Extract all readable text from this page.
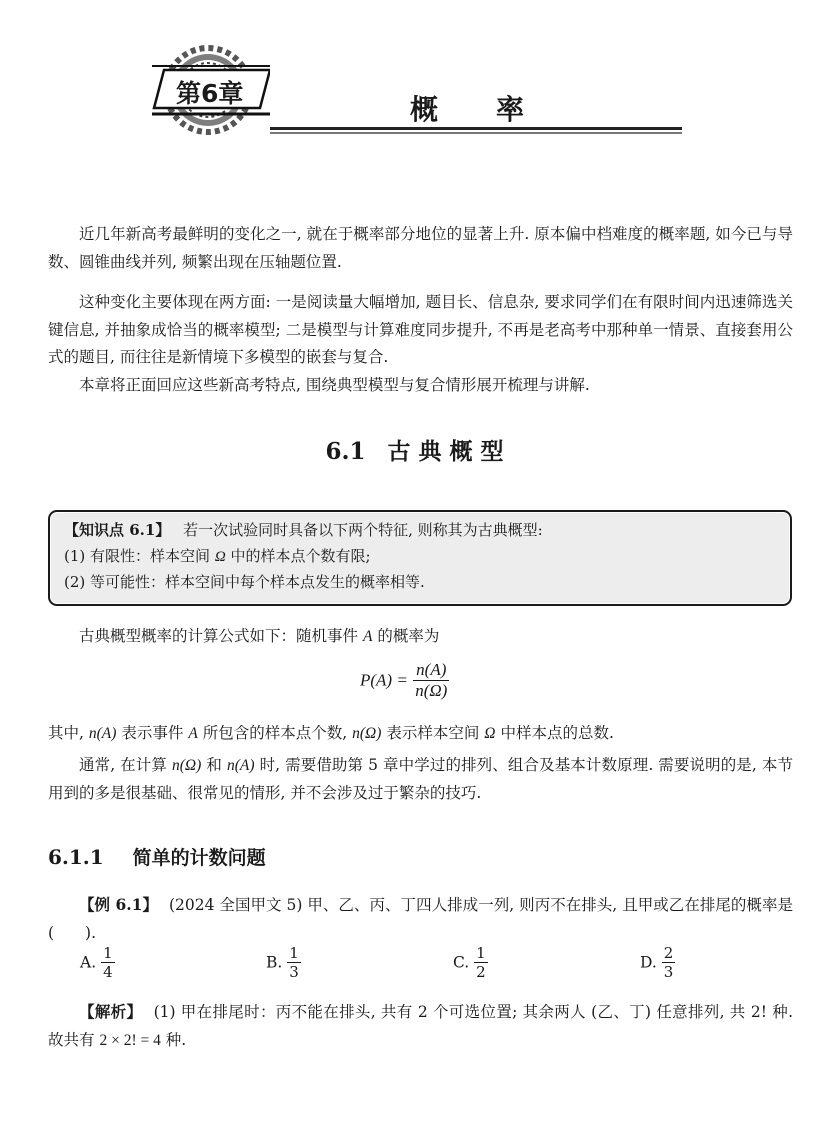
第6章	概率
近几年新高考最鲜明的变化之一, 就在于概率部分地位的显著上升. 原本偏中档难度的概率题, 如今已与导数、圆锥曲线并列, 频繁出现在压轴题位置.
这种变化主要体现在两方面: 一是阅读量大幅增加, 题目长、信息杂, 要求同学们在有限时间内迅速筛选关键信息, 并抽象成恰当的概率模型; 二是模型与计算难度同步提升, 不再是老高考中那种单一情景、直接套用公式的题目, 而往往是新情境下多模型的嵌套与复合.
本章将正面回应这些新高考特点, 围绕典型模型与复合情形展开梳理与讲解.
6.1 古典概型
【知识点 6.1】 若一次试验同时具备以下两个特征, 则称其为古典概型:
(1) 有限性：样本空间 Ω 中的样本点个数有限;
(2) 等可能性：样本空间中每个样本点发生的概率相等.
古典概型概率的计算公式如下：随机事件 A 的概率为
$P(A) = \frac{n(A)}{n(\Omega)}$
其中, n(A) 表示事件 A 所包含的样本点个数, n(Ω) 表示样本空间 Ω 中样本点的总数.
通常, 在计算 n(Ω) 和 n(A) 时, 需要借助第 5 章中学过的排列、组合及基本计数原理. 需要说明的是, 本节用到的多是很基础、很常见的情形, 并不会涉及过于繁杂的技巧.
6.1.1 简单的计数问题
【例 6.1】 (2024 全国甲文 5) 甲、乙、丙、丁四人排成一列, 则丙不在排头, 且甲或乙在排尾的概率是 (　　).
A. $\frac{1}{4}$	B. $\frac{1}{3}$	C. $\frac{1}{2}$	D. $\frac{2}{3}$
【解析】 (1) 甲在排尾时：丙不能在排头, 共有 2 个可选位置; 其余两人 (乙、丁) 任意排列, 共 2! 种. 故共有 2 × 2! = 4 种.
